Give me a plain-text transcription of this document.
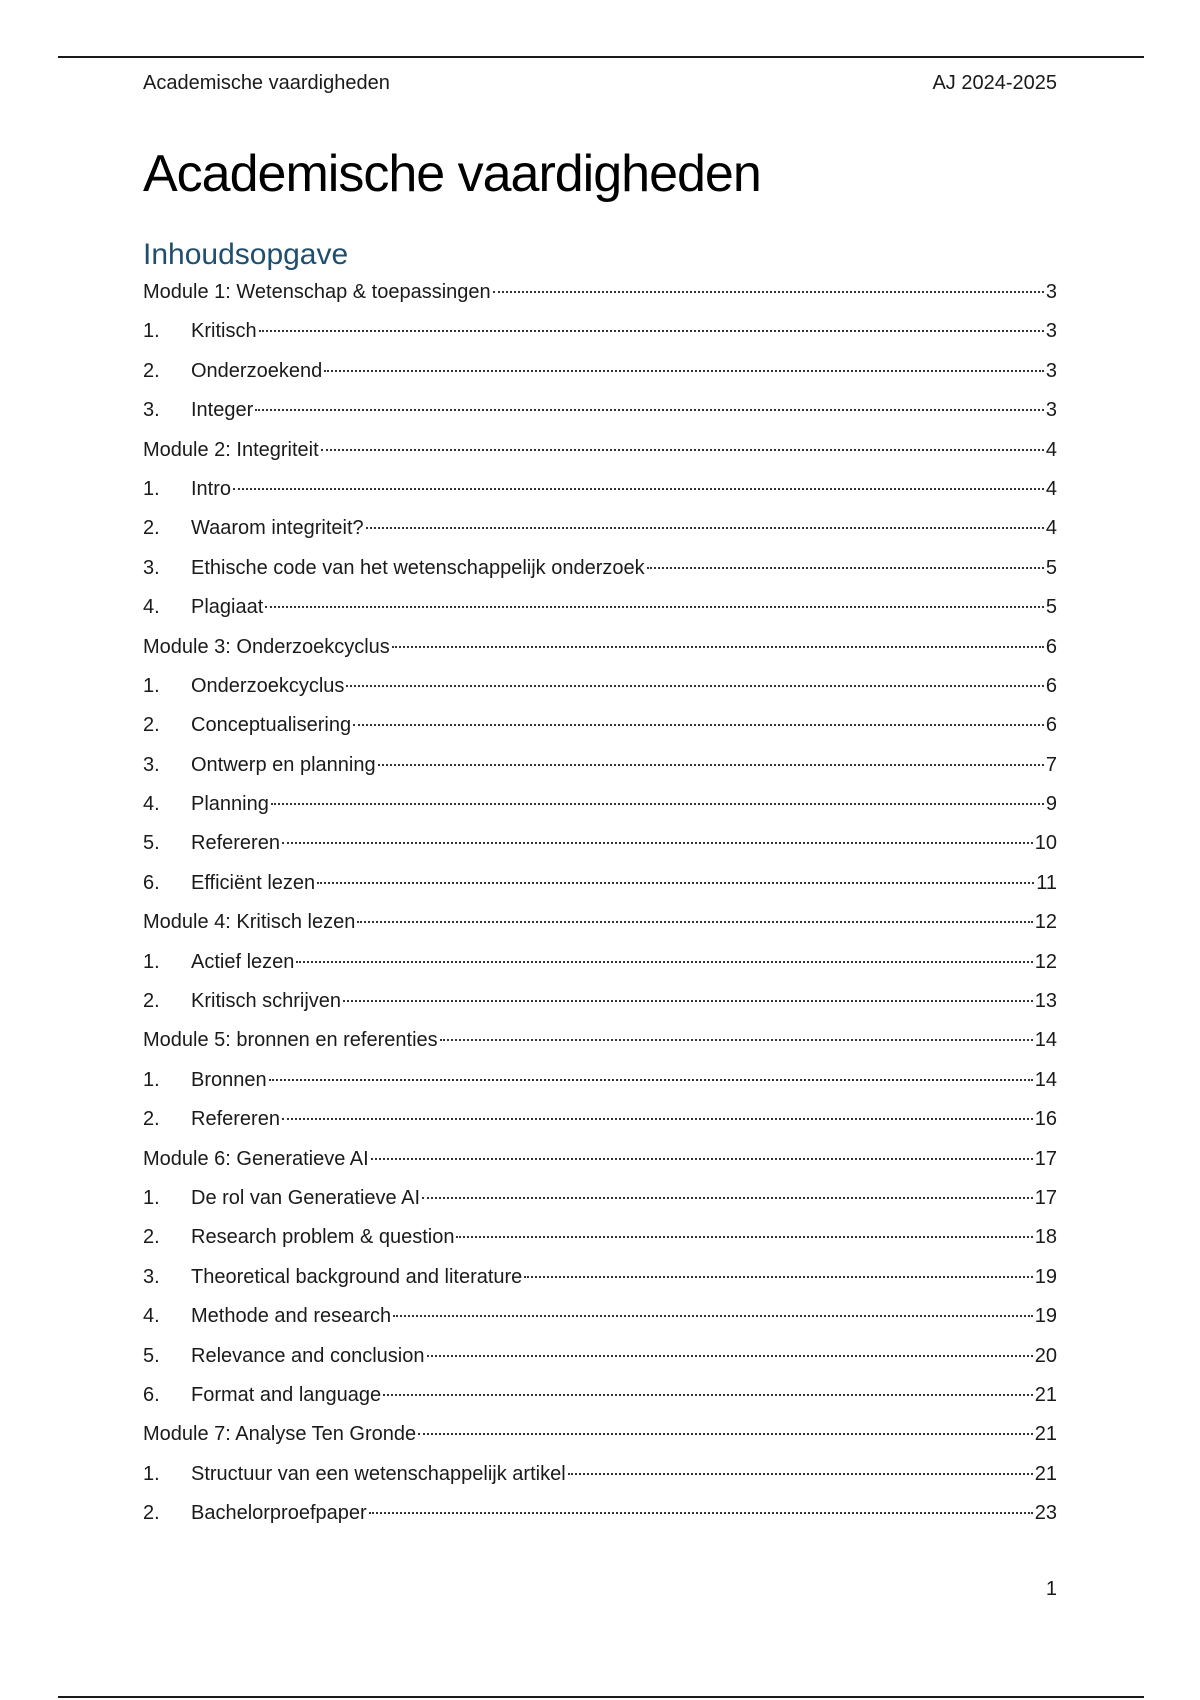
Academische vaardigheden	AJ 2024-2025
Academische vaardigheden
Inhoudsopgave
Module 1: Wetenschap & toepassingen	3
1.	Kritisch	3
2.	Onderzoekend	3
3.	Integer	3
Module 2: Integriteit	4
1.	Intro	4
2.	Waarom integriteit?	4
3.	Ethische code van het wetenschappelijk onderzoek	5
4.	Plagiaat	5
Module 3: Onderzoekcyclus	6
1.	Onderzoekcyclus	6
2.	Conceptualisering	6
3.	Ontwerp en planning	7
4.	Planning	9
5.	Refereren	10
6.	Efficiënt lezen	11
Module 4: Kritisch lezen	12
1.	Actief lezen	12
2.	Kritisch schrijven	13
Module 5: bronnen en referenties	14
1.	Bronnen	14
2.	Refereren	16
Module 6: Generatieve AI	17
1.	De rol van Generatieve AI	17
2.	Research problem & question	18
3.	Theoretical background and literature	19
4.	Methode and research	19
5.	Relevance and conclusion	20
6.	Format and language	21
Module 7: Analyse Ten Gronde	21
1.	Structuur van een wetenschappelijk artikel	21
2.	Bachelorproefpaper	23
1
